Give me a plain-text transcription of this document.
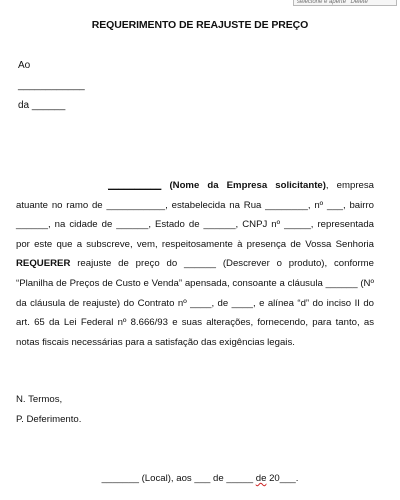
selecione e aperte ' Delete'
REQUERIMENTO DE REAJUSTE DE PREÇO
Ao
____________
da ______
__________ (Nome da Empresa solicitante), empresa atuante no ramo de ___________, estabelecida na Rua ________, nº ___, bairro ______, na cidade de ______, Estado de ______, CNPJ nº _____, representada por este que a subscreve, vem, respeitosamente à presença de Vossa Senhoria REQUERER reajuste de preço do ______ (Descrever o produto), conforme “Planilha de Preços de Custo e Venda” apensada, consoante a cláusula ______ (Nº da cláusula de reajuste) do Contrato nº ____, de ____, e alínea “d” do inciso II do art. 65 da Lei Federal nº 8.666/93 e suas alterações, fornecendo, para tanto, as notas fiscais necessárias para a satisfação das exigências legais.
N. Termos,
P. Deferimento.
_______ (Local), aos ___ de _____ de 20___.
